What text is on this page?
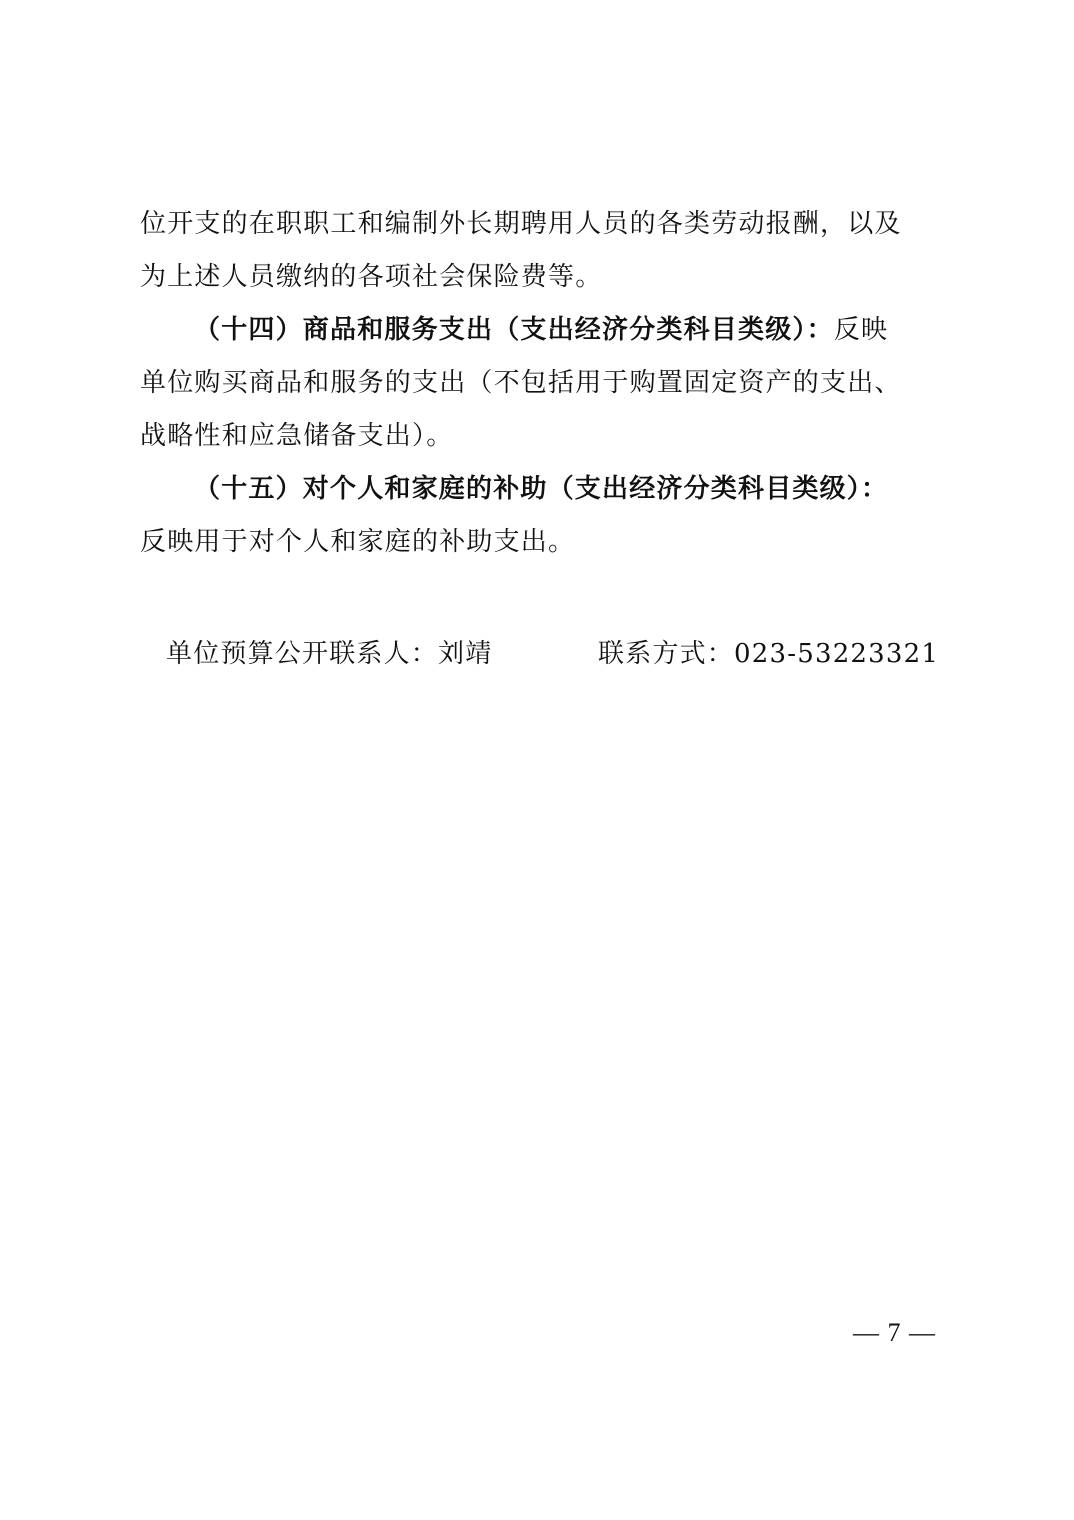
位开支的在职职工和编制外长期聘用人员的各类劳动报酬，以及
为上述人员缴纳的各项社会保险费等。

（十四）商品和服务支出（支出经济分类科目类级）：反映
单位购买商品和服务的支出（不包括用于购置固定资产的支出、
战略性和应急储备支出）。

（十五）对个人和家庭的补助（支出经济分类科目类级）：
反映用于对个人和家庭的补助支出。

单位预算公开联系人：刘靖	联系方式：023-53223321
— 7 —
